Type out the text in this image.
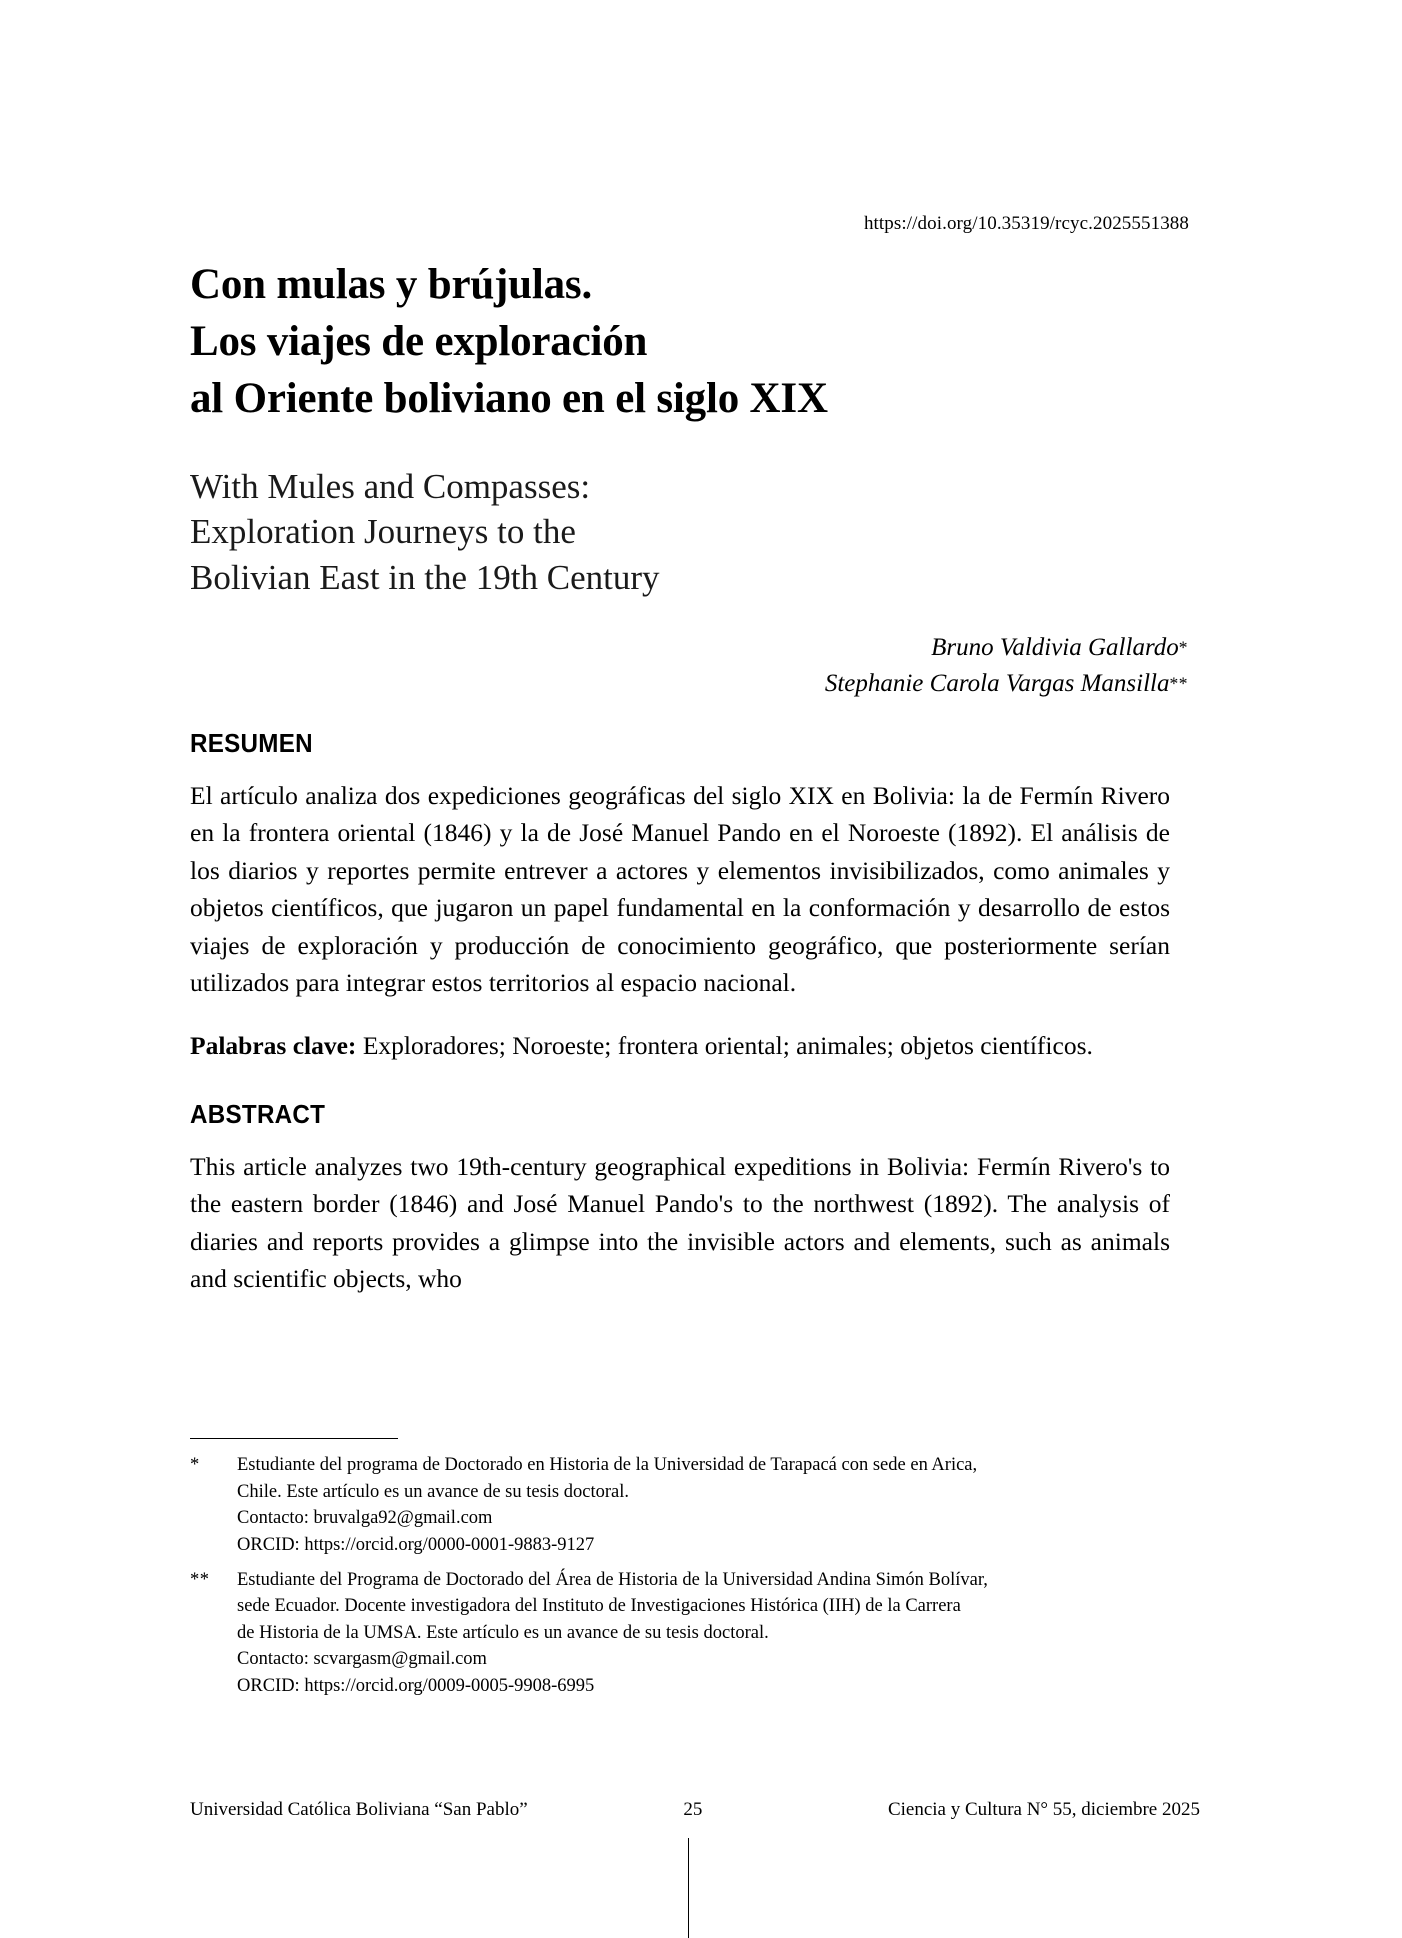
https://doi.org/10.35319/rcyc.2025551388
Con mulas y brújulas.
Los viajes de exploración
al Oriente boliviano en el siglo XIX
With Mules and Compasses:
Exploration Journeys to the
Bolivian East in the 19th Century
Bruno Valdivia Gallardo*
Stephanie Carola Vargas Mansilla**
RESUMEN

El artículo analiza dos expediciones geográficas del siglo XIX en Bolivia: la de Fermín Rivero en la frontera oriental (1846) y la de José Manuel Pando en el Noroeste (1892). El análisis de los diarios y reportes permite entrever a actores y elementos invisibilizados, como animales y objetos científicos, que jugaron un papel fundamental en la conformación y desarrollo de estos viajes de exploración y producción de conocimiento geográfico, que posteriormente serían utilizados para integrar estos territorios al espacio nacional.

Palabras clave: Exploradores; Noroeste; frontera oriental; animales; objetos científicos.

ABSTRACT

This article analyzes two 19th-century geographical expeditions in Bolivia: Fermín Rivero's to the eastern border (1846) and José Manuel Pando's to the northwest (1892). The analysis of diaries and reports provides a glimpse into the invisible actors and elements, such as animals and scientific objects, who

*	Estudiante del programa de Doctorado en Historia de la Universidad de Tarapacá con sede en Arica,
Chile. Este artículo es un avance de su tesis doctoral.
Contacto: bruvalga92@gmail.com
ORCID: https://orcid.org/0000-0001-9883-9127
**	Estudiante del Programa de Doctorado del Área de Historia de la Universidad Andina Simón Bolívar,
sede Ecuador. Docente investigadora del Instituto de Investigaciones Histórica (IIH) de la Carrera
de Historia de la UMSA. Este artículo es un avance de su tesis doctoral.
Contacto: scvargasm@gmail.com
ORCID: https://orcid.org/0009-0005-9908-6995
Universidad Católica Boliviana “San Pablo”	25	Ciencia y Cultura N° 55, diciembre 2025
